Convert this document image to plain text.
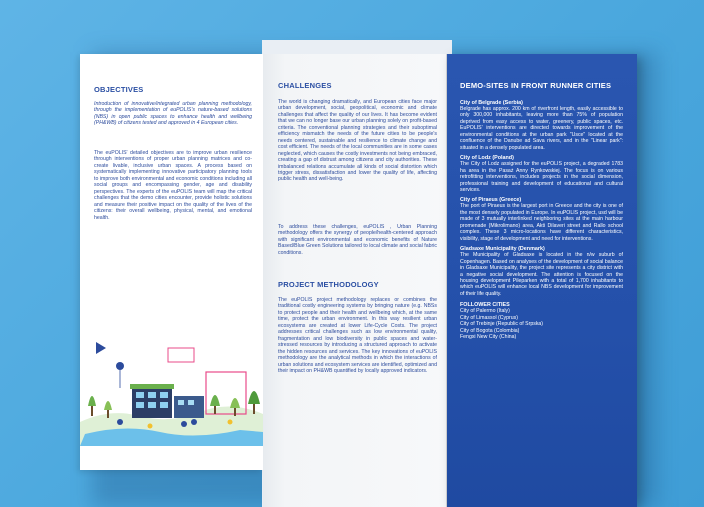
OBJECTIVES

Introduction of innovative/integrated urban planning methodology, through the implementation of euPOLIS's nature-based solutions (NBS) in open public spaces to enhance health and wellbeing (PH&WB) of citizens tested and approved in 4 European cities.

The euPOLIS' detailed objectives are to improve urban resilience through interventions of proper urban planning matrices and co-create livable, inclusive urban spaces. A process based on systematically implementing innovative participatory planning tools to improve both environmental and economic conditions including all social groups and encompassing gender, age and disability perspectives. The experts of the euPOLIS team will map the critical challenges that the demo cities encounter, provide holistic solutions and measure their positive impact on the quality of the lives of the citizens: their overall wellbeing, physical, mental, and emotional health.

CHALLENGES

The world is changing dramatically, and European cities face major urban development, social, geopolitical, economic and climate challenges that affect the quality of our lives. It has become evident that we can no longer base our urban planning solely on profit-based criteria. The conventional planning strategies and their suboptimal efficiency mismatch the needs of the future cities to be people's needs centered, sustainable and resilience to climate change and cost efficient. The needs of the local communities are in some cases neglected, which causes the costly investments not being embraced, creating a gap of distrust among citizens and city authorities. These imbalanced relations accumulate all kinds of social distortion which trigger stress, dissatisfaction and lower the quality of life, affecting public health and well-being.

To address these challenges, euPOLIS , Urban Planning methodology offers the synergy of people/health-centered approach with significant environmental and economic benefits of Nature Based/Blue Green Solutions tailored to local climate and social fabric conditions.

PROJECT METHODOLOGY

The euPOLIS project methodology replaces or combines the traditional costly engineering systems by bringing nature (e.g. NBSs to protect people and their health and wellbeing which, at the same time, protect the urban environment. In this way resilient urban ecosystems are created at lower Life-Cycle Costs. The project addresses critical challenges such as low environmental quality, fragmentation and low biodiversity in public spaces and water-stressed resources by introducing a structured approach to activate the hidden resources and services. The key innovations of euPOLIS methodology are the analytical methods in which the interactions of urban solutions and ecosystem services are identified, optimized and their impact on PH&WB quantified by locally approved indicators.

DEMO-SITES IN FRONT RUNNER CITIES
City of Belgrade (Serbia)

Belgrade has approx. 200 km of riverfront length, easily accessible to only 300,000 inhabitants, leaving more than 75% of population deprived from easy access to water, greenery, public spaces, etc. EuPOLIS' interventions are directed towards improvement of the environmental conditions at the urban park "Usce" located at the confluence of the Danube ad Sava rivers, and in the "Linear park": situated in a densely populated area.

City of Lodz (Poland)

The City of Lodz assigned for the euPOLIS project, a degraded 1783 ha area in the Pasaż Anny Rynkowskiej. The focus is on various retrofitting interventions, includes projects in the social dimension, professional training and development of educational and cultural services.

City of Piraeus (Greece)

The port of Piraeus is the largest port in Greece and the city is one of the most densely populated in Europe. In euPOLIS project, usd will be made of 3 mutually interlinked neighboring sites at the main harbour promenade (Mikrolimano) area, Akti Dilaveri street and Rallo school complex. These 3 micro-locations have different characteristics, visibility, stage of development and need for interventions.

Gladsaxe Municipality (Denmark)

The Municipality of Gladsaxe is located in the n/w suburb of Copenhagen. Based on analyses of the development of social balance in Gladsaxe Municipality, the project site represents a city district with a negative social development. The attention is focused on the housing development Pileparken with a total of 1,700 inhabitants to which euPOLIS will enhance local NBS development for improvement of their life quality.

FOLLOWER CITIES
City of Palermo (Italy)
City of Limassol (Cyprus)
City of Trebinje (Republic of Srpska)
City of Bogota (Colombia)
Fengxi New City (China)
